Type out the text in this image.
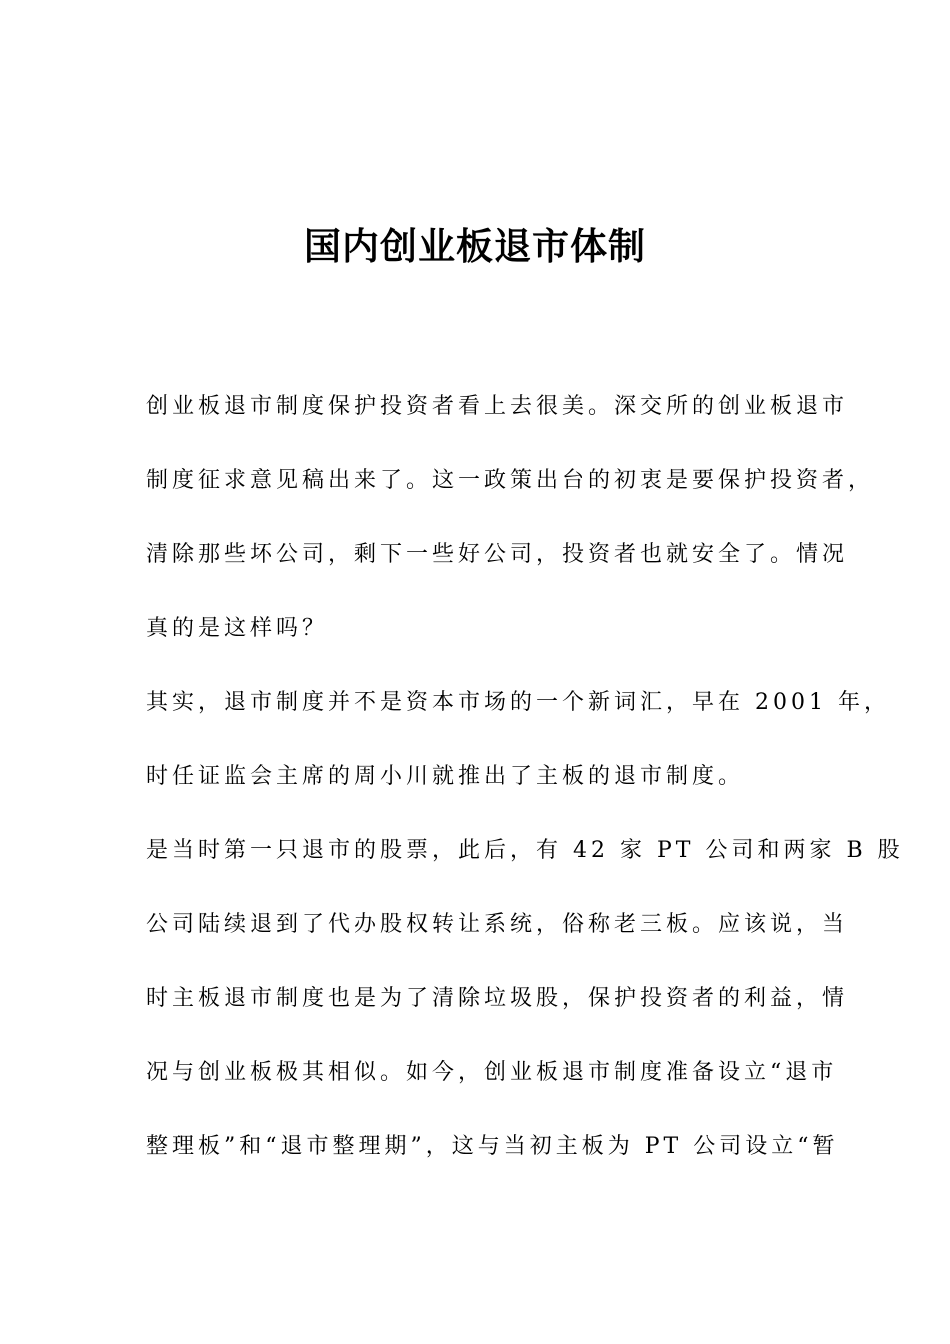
国内创业板退市体制

创业板退市制度保护投资者看上去很美。深交所的创业板退市

制度征求意见稿出来了。这一政策出台的初衷是要保护投资者，

清除那些坏公司，剩下一些好公司，投资者也就安全了。情况

真的是这样吗？

其实，退市制度并不是资本市场的一个新词汇，早在 2001 年，

时任证监会主席的周小川就推出了主板的退市制度。

是当时第一只退市的股票，此后，有 42 家 PT 公司和两家 B 股

公司陆续退到了代办股权转让系统，俗称老三板。应该说，当

时主板退市制度也是为了清除垃圾股，保护投资者的利益，情

况与创业板极其相似。如今，创业板退市制度准备设立“退市

整理板”和“退市整理期”，这与当初主板为 PT 公司设立“暂
